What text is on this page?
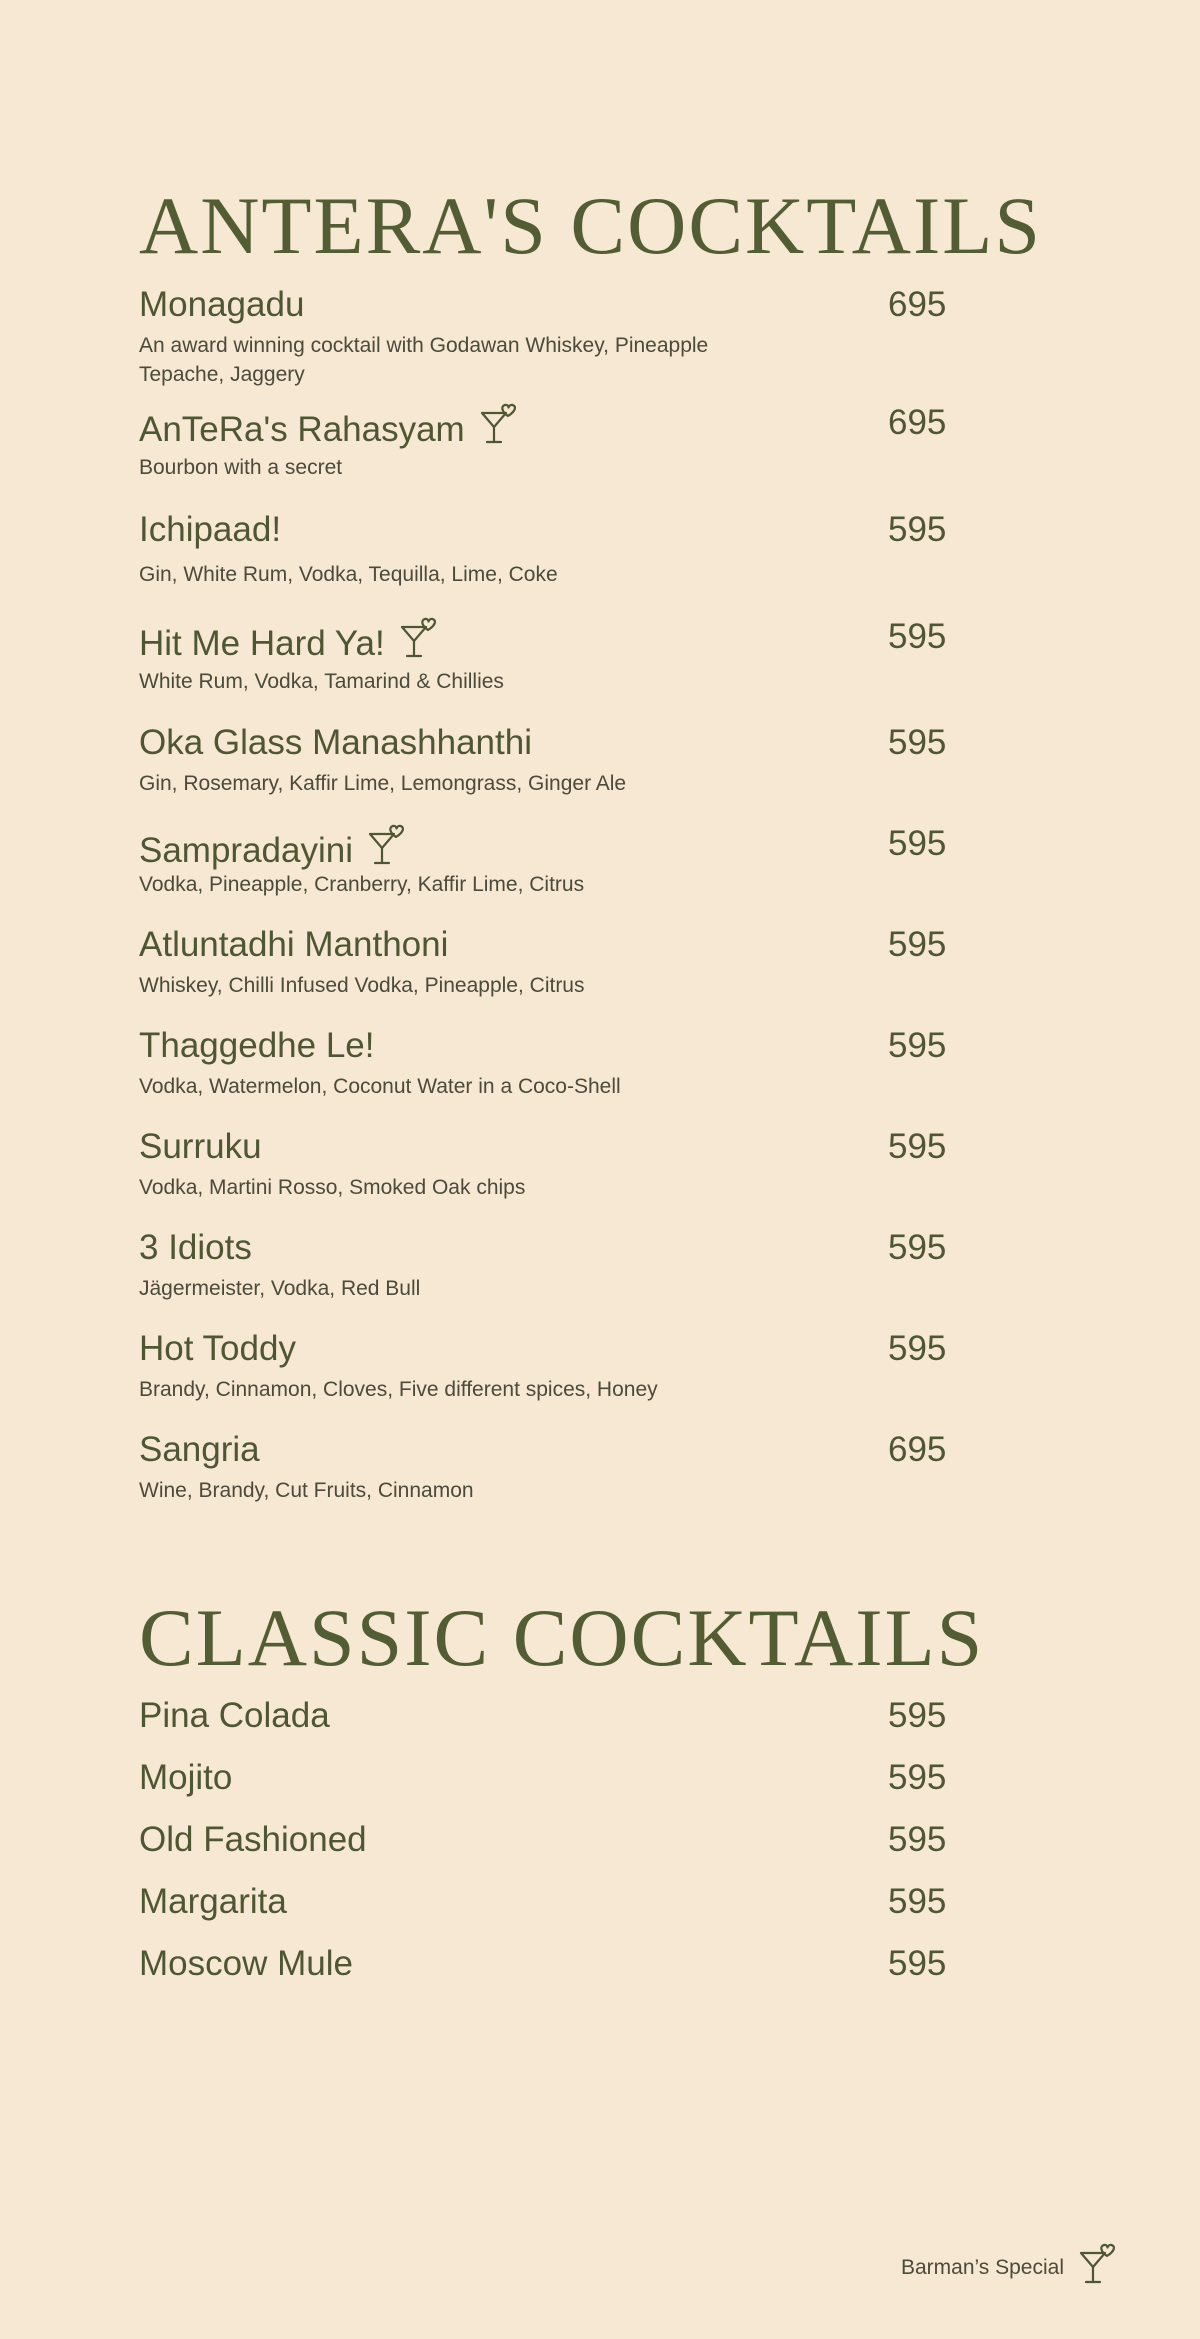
ANTERA'S COCKTAILS
Monagadu	695
An award winning cocktail with Godawan Whiskey, Pineapple Tepache, Jaggery
AnTeRa's Rahasyam	695
Bourbon with a secret
Ichipaad!	595
Gin, White Rum, Vodka, Tequilla, Lime, Coke
Hit Me Hard Ya!	595
White Rum, Vodka, Tamarind & Chillies
Oka Glass Manashhanthi	595
Gin, Rosemary, Kaffir Lime, Lemongrass, Ginger Ale
Sampradayini	595
Vodka, Pineapple, Cranberry, Kaffir Lime, Citrus
Atluntadhi Manthoni	595
Whiskey, Chilli Infused Vodka, Pineapple, Citrus
Thaggedhe Le!	595
Vodka, Watermelon, Coconut Water in a Coco-Shell
Surruku	595
Vodka, Martini Rosso, Smoked Oak chips
3 Idiots	595
Jägermeister, Vodka, Red Bull
Hot Toddy	595
Brandy, Cinnamon, Cloves, Five different spices, Honey
Sangria	695
Wine, Brandy, Cut Fruits, Cinnamon
CLASSIC COCKTAILS
Pina Colada	595
Mojito	595
Old Fashioned	595
Margarita	595
Moscow Mule	595
Barman’s Special
